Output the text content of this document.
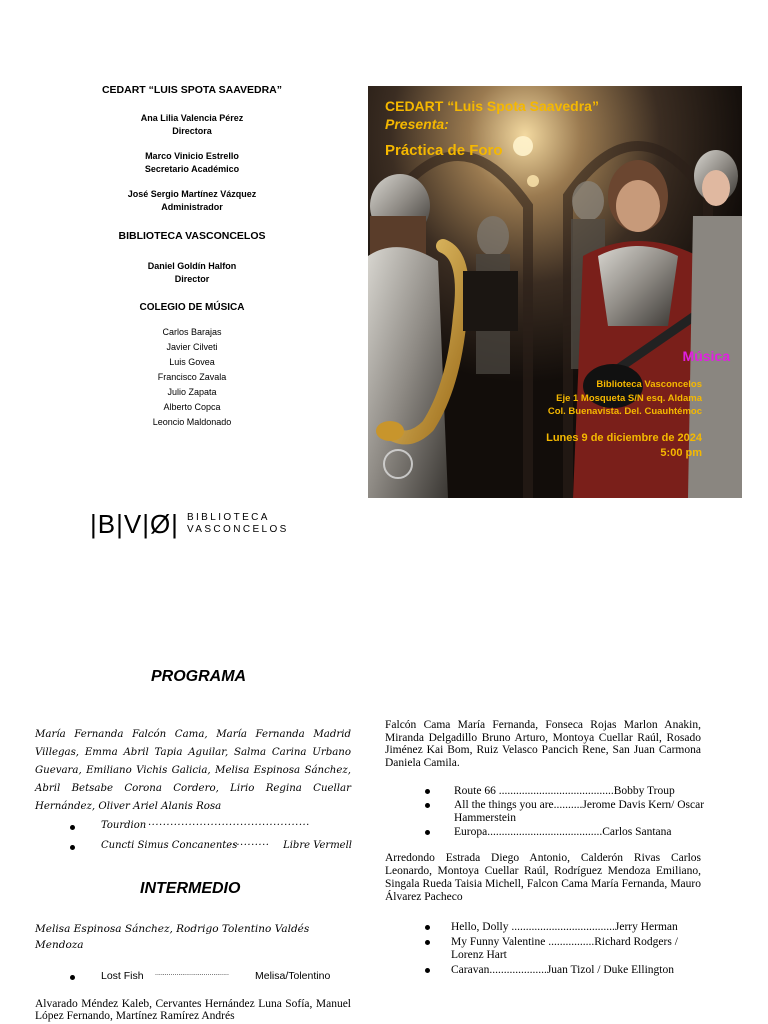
CEDART “LUIS SPOTA SAAVEDRA”
Ana Lilia Valencia Pérez
Directora
Marco Vinicio Estrello
Secretario Académico
José Sergio Martínez Vázquez
Administrador
BIBLIOTECA VASCONCELOS
Daniel Goldín Halfon
Director
COLEGIO DE MÚSICA
Carlos Barajas
Javier Cilveti
Luis Govea
Francisco Zavala
Julio Zapata
Alberto Copca
Leoncio Maldonado
CEDART “Luis Spota Saavedra”
Presenta:
Práctica de Foro
Música
Biblioteca Vasconcelos
Eje 1 Mosqueta S/N esq. Aldama
Col. Buenavista. Del. Cuauhtémoc
Lunes 9 de diciembre de 2024
5:00 pm
|B|V|Ø| BIBLIOTECA
VASCONCELOS
PROGRAMA
María Fernanda Falcón Cama, María Fernanda Madrid Villegas, Emma Abril Tapia Aguilar, Salma Carina Urbano Guevara, Emiliano Vichis Galicia, Melisa Espinosa Sánchez, Abril Betsabe Corona Cordero, Lirio Regina Cuellar Hernández, Oliver Ariel Alanis Rosa
Tourdion ············································
Cuncti Simus Concanentes
··········· Libre Vermell
INTERMEDIO
Melisa Espinosa Sánchez, Rodrigo Tolentino Valdés Mendoza
Lost Fish ...................................... Melisa/Tolentino
Alvarado Méndez Kaleb, Cervantes Hernández Luna Sofía, Manuel López Fernando, Martínez Ramírez Andrés
Falcón Cama María Fernanda, Fonseca Rojas Marlon Anakin, Miranda Delgadillo Bruno Arturo, Montoya Cuellar Raúl, Rosado Jiménez Kai Bom, Ruiz Velasco Pancich Rene, San Juan Carmona Daniela Camila.
Route 66 ........................................Bobby Troup
All the things you are..........Jerome Davis Kern/ Oscar Hammerstein
Europa........................................Carlos Santana
Arredondo Estrada Diego Antonio, Calderón Rivas Carlos Leonardo, Montoya Cuellar Raúl, Rodríguez Mendoza Emiliano, Singala Rueda Taisia Michell, Falcon Cama María Fernanda, Mauro Álvarez Pacheco
Hello, Dolly ....................................Jerry Herman
My Funny Valentine ................Richard Rodgers / Lorenz Hart
Caravan....................Juan Tizol / Duke Ellington
